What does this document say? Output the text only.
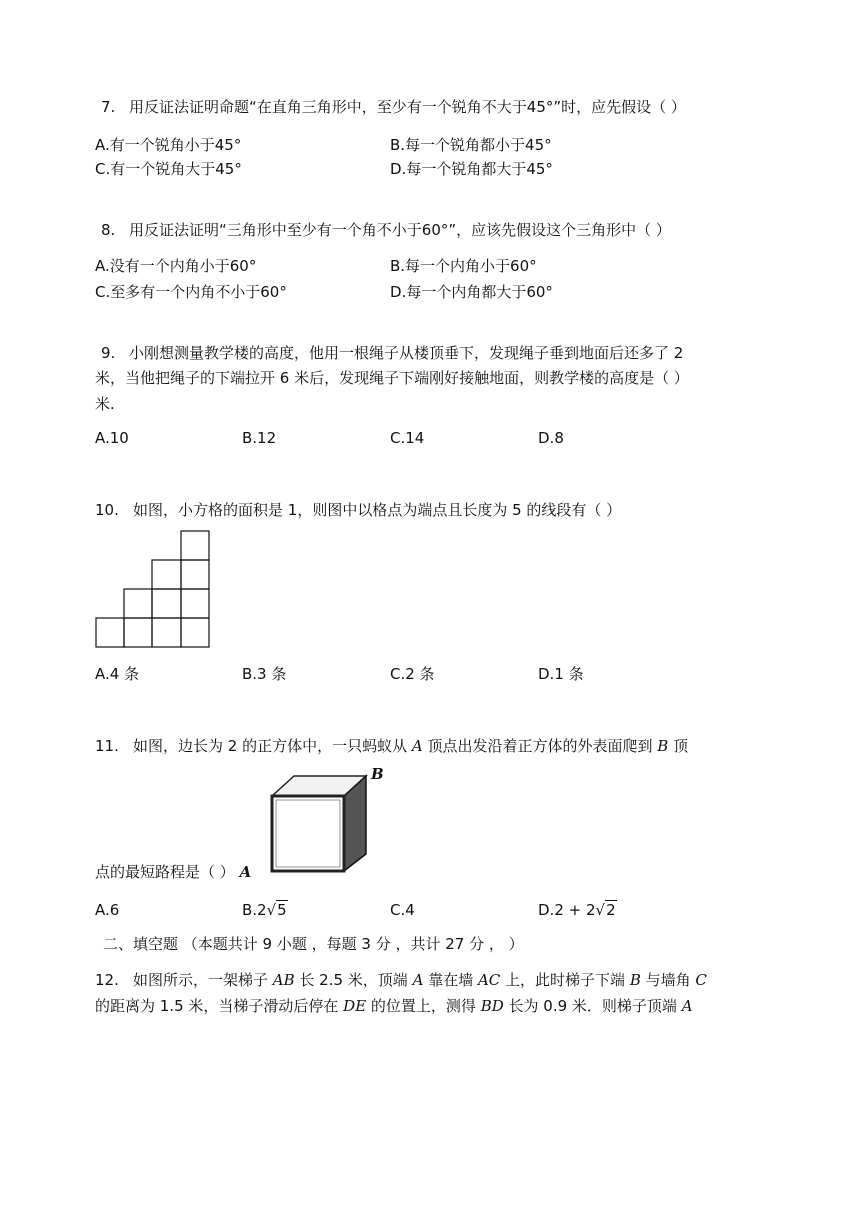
7. 用反证法证明命题“在直角三角形中，至少有一个锐角不大于45°”时，应先假设（ ）
A.有一个锐角小于45°	B.每一个锐角都小于45°
C.有一个锐角大于45°	D.每一个锐角都大于45°
8. 用反证法证明“三角形中至少有一个角不小于60°”，应该先假设这个三角形中（ ）
A.没有一个内角小于60°	B.每一个内角小于60°
C.至多有一个内角不小于60°	D.每一个内角都大于60°
9. 小刚想测量教学楼的高度，他用一根绳子从楼顶垂下，发现绳子垂到地面后还多了 2
米，当他把绳子的下端拉开 6 米后，发现绳子下端刚好接触地面，则教学楼的高度是（ ）
米.
A.10	B.12	C.14	D.8
10. 如图，小方格的面积是 1，则图中以格点为端点且长度为 5 的线段有（ ）
A.4 条	B.3 条	C.2 条	D.1 条
11. 如图，边长为 2 的正方体中，一只蚂蚁从 A 顶点出发沿着正方体的外表面爬到 B 顶
B
点的最短路程是（ ） A
A.6	B.2√5	C.4	D.2 + 2√2
二、 填空题 （本题共计 9 小题 ，每题 3 分 ，共计 27 分 ， ）
12. 如图所示，一架梯子 AB 长 2.5 米，顶端 A 靠在墙 AC 上，此时梯子下端 B 与墙角 C
的距离为 1.5 米，当梯子滑动后停在 DE 的位置上，测得 BD 长为 0.9 米．则梯子顶端 A
